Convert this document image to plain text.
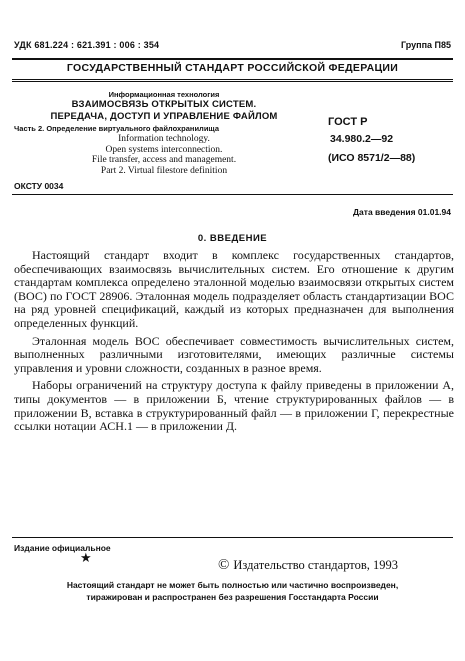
УДК 681.224 : 621.391 : 006 : 354	Группа П85
ГОСУДАРСТВЕННЫЙ СТАНДАРТ РОССИЙСКОЙ ФЕДЕРАЦИИ
Информационная технология
ВЗАИМОСВЯЗЬ ОТКРЫТЫХ СИСТЕМ.
ПЕРЕДАЧА, ДОСТУП И УПРАВЛЕНИЕ ФАЙЛОМ
Часть 2. Определение виртуального файлохранилища
Information technology.
Open systems interconnection.
File transfer, access and management.
Part 2. Virtual filestore definition
ГОСТ Р
34.980.2—92
(ИСО 8571/2—88)
ОКСТУ 0034
Дата введения 01.01.94
0. ВВЕДЕНИЕ

Настоящий стандарт входит в комплекс государственных стандартов, обеспечивающих взаимосвязь вычислительных систем. Его отношение к другим стандартам комплекса определено эталонной моделью взаимосвязи открытых систем (ВОС) по ГОСТ 28906. Эталонная модель подразделяет область стандартизации ВОС на ряд уровней спецификаций, каждый из которых предназначен для выполнения определенных функций.

Эталонная модель ВОС обеспечивает совместимость вычислительных систем, выполненных различными изготовителями, имеющих различные системы управления и уровни сложности, созданных в разное время.

Наборы ограничений на структуру доступа к файлу приведены в приложении А, типы документов — в приложении Б, чтение структурированных файлов — в приложении В, вставка в структурированный файл — в приложении Г, перекрестные ссылки нотации АСН.1 — в приложении Д.

Издание официальное
★	© Издательство стандартов, 1993
Настоящий стандарт не может быть полностью или частично воспроизведен,
тиражирован и распространен без разрешения Госстандарта России
